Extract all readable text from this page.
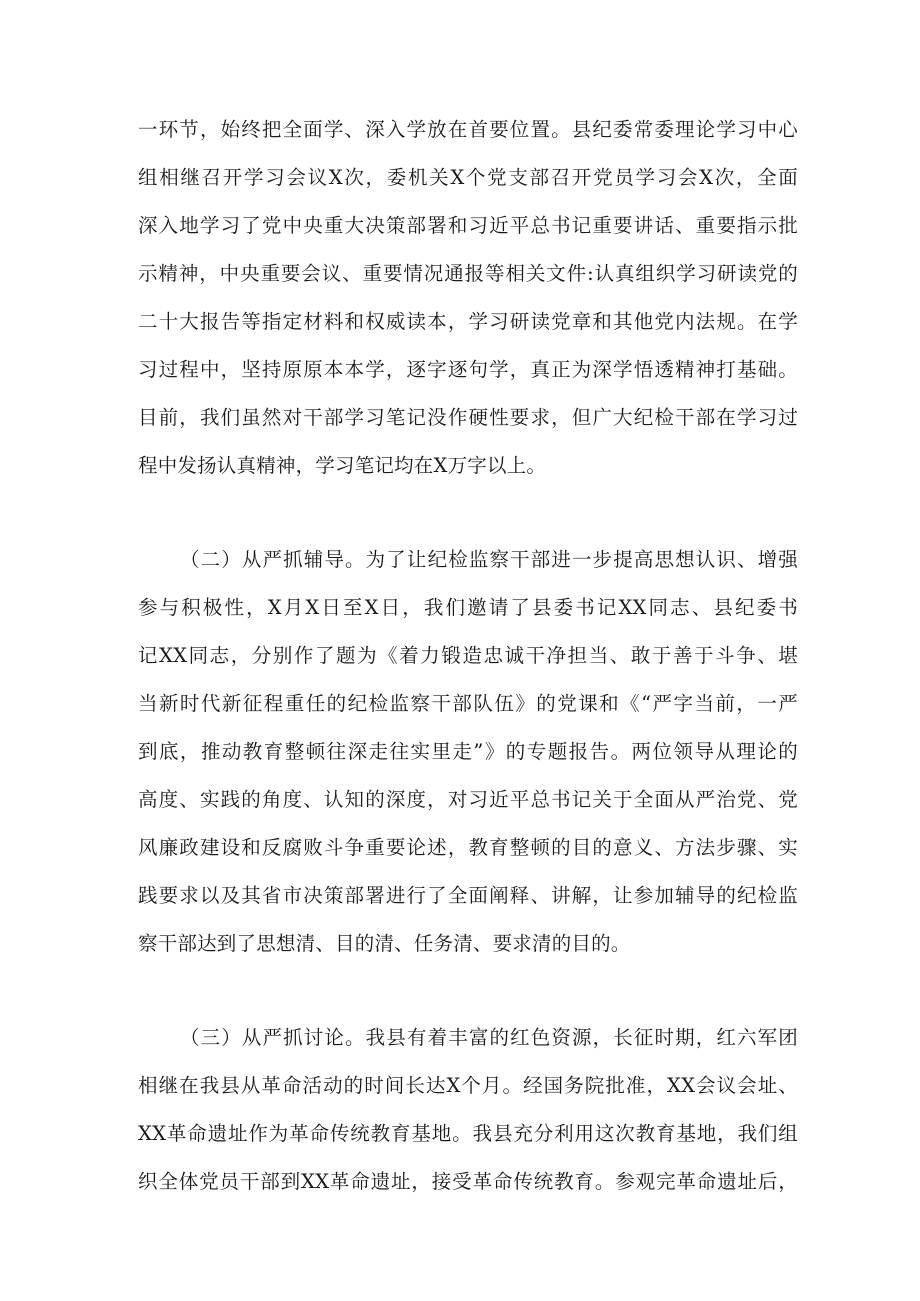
一环节，始终把全面学、深入学放在首要位置。县纪委常委理论学习中心
组相继召开学习会议X次，委机关X个党支部召开党员学习会X次，全面
深入地学习了党中央重大决策部署和习近平总书记重要讲话、重要指示批
示精神，中央重要会议、重要情况通报等相关文件:认真组织学习研读党的
二十大报告等指定材料和权威读本，学习研读党章和其他党内法规。在学
习过程中，坚持原原本本学，逐字逐句学，真正为深学悟透精神打基础。
目前，我们虽然对干部学习笔记没作硬性要求，但广大纪检干部在学习过
程中发扬认真精神，学习笔记均在X万字以上。
（二）从严抓辅导。为了让纪检监察干部进一步提高思想认识、增强
参与积极性，X月X日至X日，我们邀请了县委书记XX同志、县纪委书
记XX同志，分别作了题为《着力锻造忠诚干净担当、敢于善于斗争、堪
当新时代新征程重任的纪检监察干部队伍》的党课和《“严字当前，一严
到底，推动教育整顿往深走往实里走”》的专题报告。两位领导从理论的
高度、实践的角度、认知的深度，对习近平总书记关于全面从严治党、党
风廉政建设和反腐败斗争重要论述，教育整顿的目的意义、方法步骤、实
践要求以及其省市决策部署进行了全面阐释、讲解，让参加辅导的纪检监
察干部达到了思想清、目的清、任务清、要求清的目的。
（三）从严抓讨论。我县有着丰富的红色资源，长征时期，红六军团
相继在我县从革命活动的时间长达X个月。经国务院批准，XX会议会址、
XX革命遗址作为革命传统教育基地。我县充分利用这次教育基地，我们组
织全体党员干部到XX革命遗址，接受革命传统教育。参观完革命遗址后，
